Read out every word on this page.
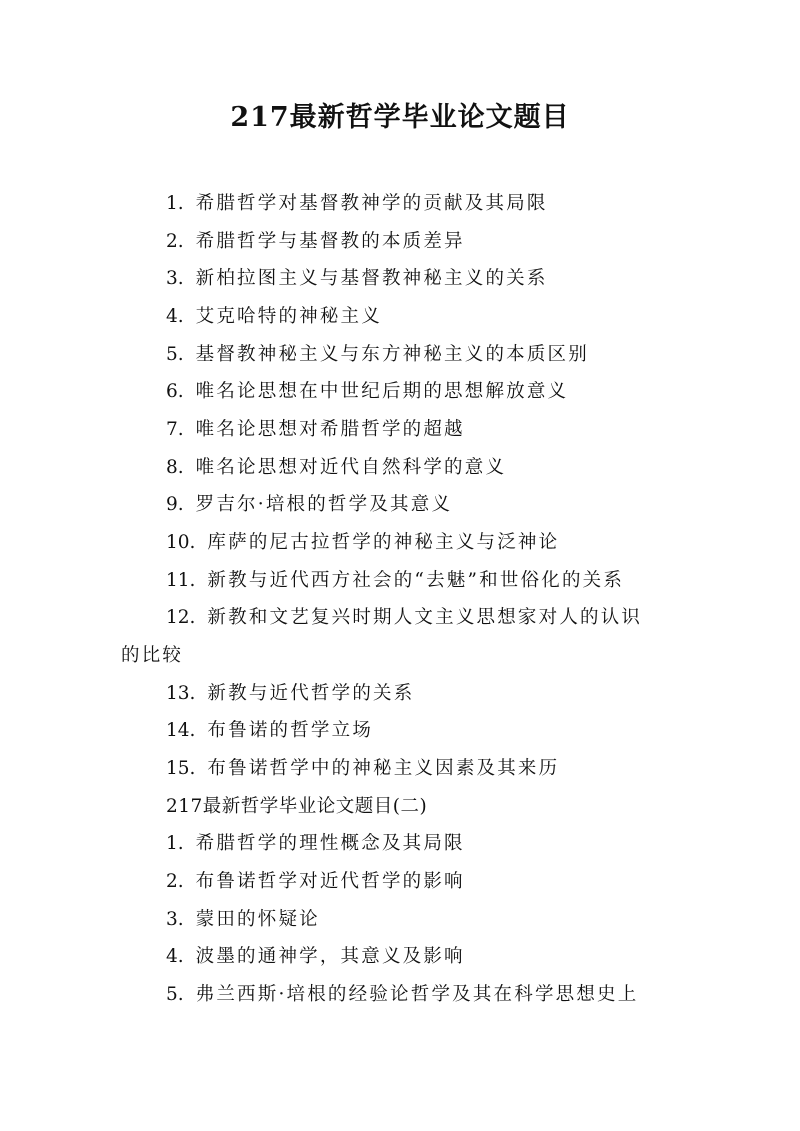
217最新哲学毕业论文题目
1. 希腊哲学对基督教神学的贡献及其局限
2. 希腊哲学与基督教的本质差异
3. 新柏拉图主义与基督教神秘主义的关系
4. 艾克哈特的神秘主义
5. 基督教神秘主义与东方神秘主义的本质区别
6. 唯名论思想在中世纪后期的思想解放意义
7. 唯名论思想对希腊哲学的超越
8. 唯名论思想对近代自然科学的意义
9. 罗吉尔·培根的哲学及其意义
10. 库萨的尼古拉哲学的神秘主义与泛神论
11. 新教与近代西方社会的“去魅”和世俗化的关系
12. 新教和文艺复兴时期人文主义思想家对人的认识
的比较
13. 新教与近代哲学的关系
14. 布鲁诺的哲学立场
15. 布鲁诺哲学中的神秘主义因素及其来历
217最新哲学毕业论文题目(二)
1. 希腊哲学的理性概念及其局限
2. 布鲁诺哲学对近代哲学的影响
3. 蒙田的怀疑论
4. 波墨的通神学，其意义及影响
5. 弗兰西斯·培根的经验论哲学及其在科学思想史上
